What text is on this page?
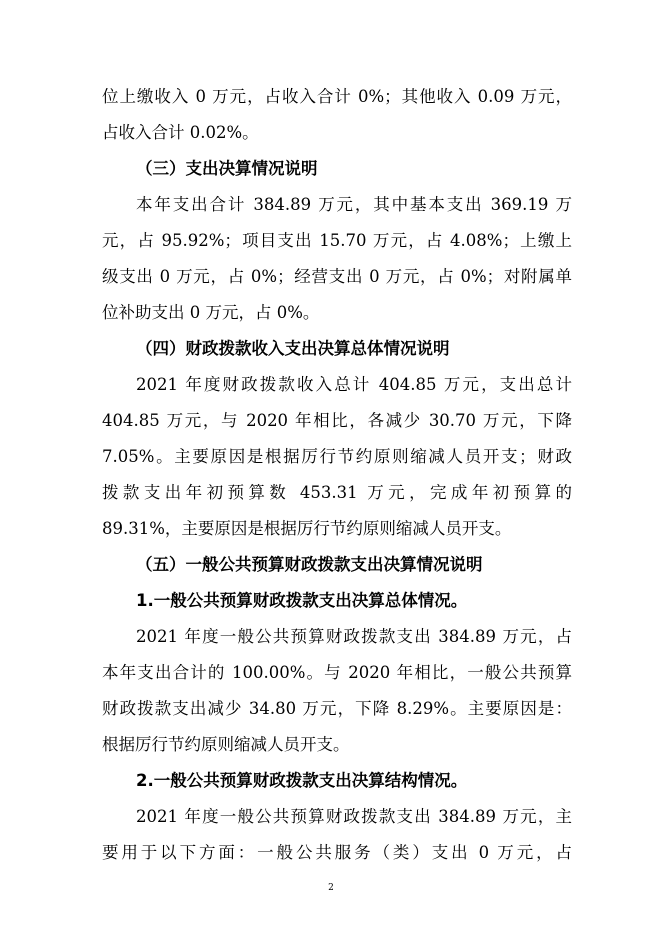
位上缴收入 0 万元，占收入合计 0%；其他收入 0.09 万元，
占收入合计 0.02%。
（三）支出决算情况说明
本年支出合计 384.89 万元，其中基本支出 369.19 万
元，占 95.92%；项目支出 15.70 万元，占 4.08%；上缴上
级支出 0 万元，占 0%；经营支出 0 万元，占 0%；对附属单
位补助支出 0 万元，占 0%。
（四）财政拨款收入支出决算总体情况说明
2021 年度财政拨款收入总计 404.85 万元，支出总计
404.85 万元，与 2020 年相比，各减少 30.70 万元，下降
7.05%。主要原因是根据厉行节约原则缩减人员开支；财政
拨款支出年初预算数 453.31 万元，完成年初预算的
89.31%，主要原因是根据厉行节约原则缩减人员开支。
（五）一般公共预算财政拨款支出决算情况说明
1.一般公共预算财政拨款支出决算总体情况。
2021 年度一般公共预算财政拨款支出 384.89 万元，占
本年支出合计的 100.00%。与 2020 年相比，一般公共预算
财政拨款支出减少 34.80 万元，下降 8.29%。主要原因是：
根据厉行节约原则缩减人员开支。
2.一般公共预算财政拨款支出决算结构情况。
2
2021 年度一般公共预算财政拨款支出 384.89 万元，主
要用于以下方面：一般公共服务（类）支出 0 万元，占
